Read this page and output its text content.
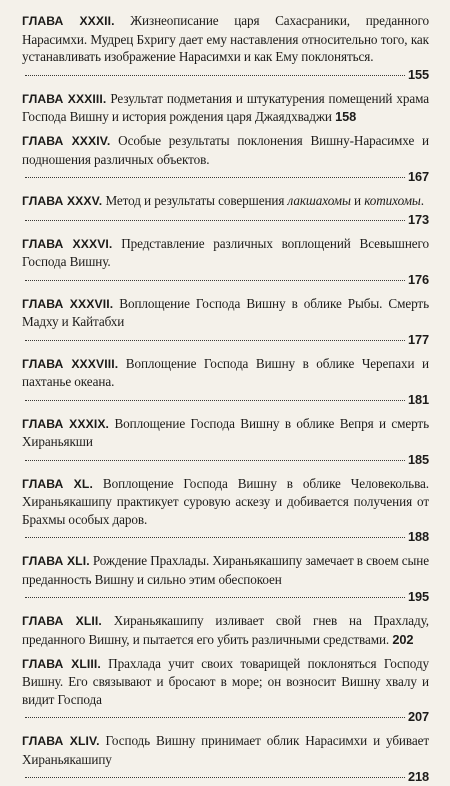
ГЛАВА XXXII. Жизнеописание царя Сахасраники, преданного Нарасимхи. Мудрец Бхригу дает ему наставления относительно того, как устанавливать изображение Нарасимхи и как Ему поклоняться.
155
ГЛАВА XXXIII. Результат подметания и штукатурения помещений храма Господа Вишну и история рождения царя Джаядхваджи 158
ГЛАВА XXXIV. Особые результаты поклонения Вишну-Нарасимхе и подношения различных объектов.
167
ГЛАВА XXXV. Метод и результаты совершения лакшахомы и котихомы.
173
ГЛАВА XXXVI. Представление различных воплощений Всевышнего Господа Вишну.
176
ГЛАВА XXXVII. Воплощение Господа Вишну в облике Рыбы. Смерть Мадху и Кайтабхи
177
ГЛАВА XXXVIII. Воплощение Господа Вишну в облике Черепахи и пахтанье океана.
181
ГЛАВА XXXIX. Воплощение Господа Вишну в облике Вепря и смерть Хираньякши
185
ГЛАВА XL. Воплощение Господа Вишну в облике Человекольва. Хираньякашипу практикует суровую аскезу и добивается получения от Брахмы особых даров.
188
ГЛАВА XLI. Рождение Прахлады. Хираньякашипу замечает в своем сыне преданность Вишну и сильно этим обеспокоен
195
ГЛАВА XLII. Хираньякашипу изливает свой гнев на Прахладу, преданного Вишну, и пытается его убить различными средствами. 202
ГЛАВА XLIII. Прахлада учит своих товарищей поклоняться Господу Вишну. Его связывают и бросают в море; он возносит Вишну хвалу и видит Господа
207
ГЛАВА XLIV. Господь Вишну принимает облик Нарасимхи и убивает Хираньякашипу
218
